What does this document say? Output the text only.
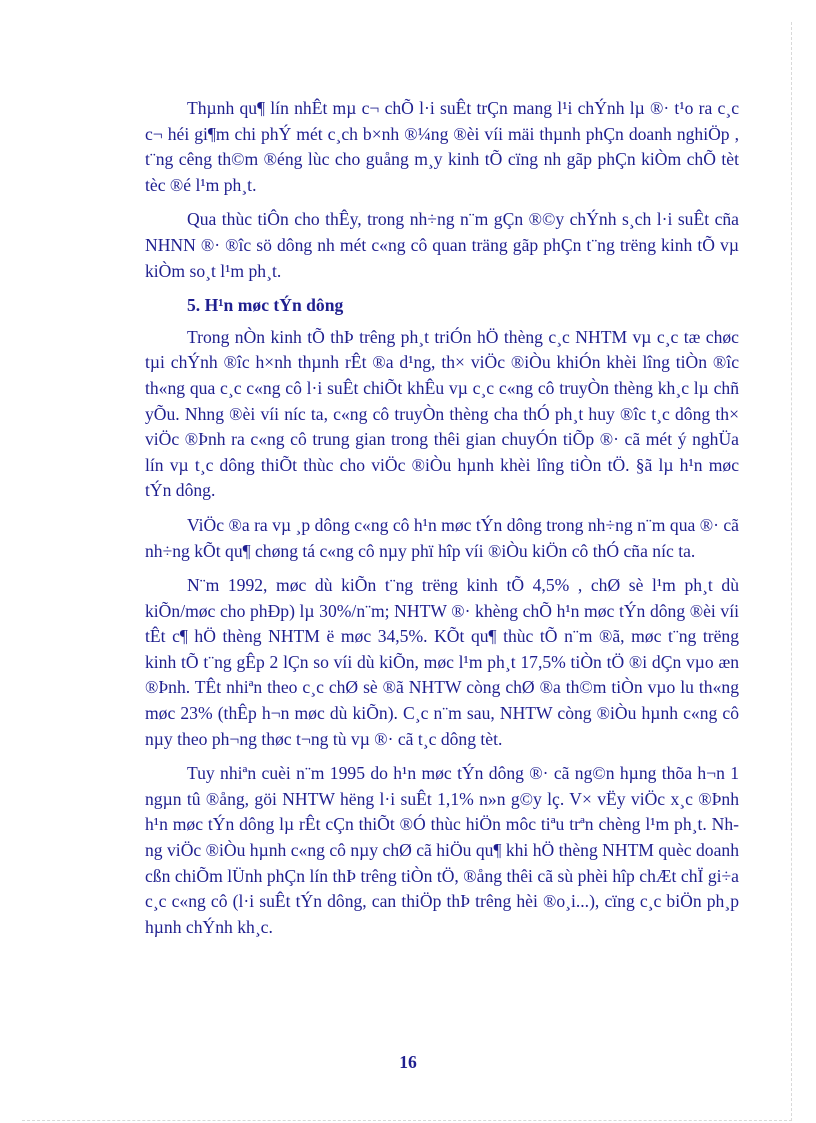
Thµnh qu¶ lín nhÊt mµ c¬ chÕ l·i suÊt trÇn mang l¹i chÝnh lµ ®· t¹o ra c¸c c¬ héi gi¶m chi phÝ mét c¸ch b×nh ®¼ng ®èi víi mäi thµnh phÇn doanh nghiÖp , t¨ng cêng th©m ®éng lùc cho guång m¸y kinh tÕ cïng nh gãp phÇn kiÒm chÕ tèt tèc ®é l¹m ph¸t.

Qua thùc tiÔn cho thÊy, trong nh÷ng n¨m gÇn ®©y chÝnh s¸ch l·i suÊt cña NHNN ®· ®îc sö dông nh mét c«ng cô quan träng gãp phÇn t¨ng trëng kinh tÕ vµ kiÒm so¸t l¹m ph¸t.

5. H¹n møc tÝn dông

Trong nÒn kinh tÕ thÞ trêng ph¸t triÓn hÖ thèng c¸c NHTM vµ c¸c tæ chøc tµi chÝnh ®îc h×nh thµnh rÊt ®a d¹ng, th× viÖc ®iÒu khiÓn khèi lîng tiÒn ®îc th«ng qua c¸c c«ng cô l·i suÊt chiÕt khÊu vµ c¸c c«ng cô truyÒn thèng kh¸c lµ chñ yÕu. Nhng ®èi víi níc ta, c«ng cô truyÒn thèng cha thÓ ph¸t huy ®îc t¸c dông th× viÖc ®Þnh ra c«ng cô trung gian trong thêi gian chuyÓn tiÕp ®· cã mét ý nghÜa lín vµ t¸c dông thiÕt thùc cho viÖc ®iÒu hµnh khèi lîng tiÒn tÖ. §ã lµ h¹n møc tÝn dông.

ViÖc ®a ra vµ ¸p dông c«ng cô h¹n møc tÝn dông trong nh÷ng n¨m qua ®· cã nh÷ng kÕt qu¶ chøng tá c«ng cô nµy phï hîp víi ®iÒu kiÖn cô thÓ cña níc ta.

N¨m 1992, møc dù kiÕn t¨ng trëng kinh tÕ 4,5% , chØ sè l¹m ph¸t dù kiÕn/møc cho phÐp) lµ 30%/n¨m; NHTW ®· khèng chÕ h¹n møc tÝn dông ®èi víi tÊt c¶ hÖ thèng NHTM ë møc 34,5%. KÕt qu¶ thùc tÕ n¨m ®ã, møc t¨ng trëng kinh tÕ t¨ng gÊp 2 lÇn so víi dù kiÕn, møc l¹m ph¸t 17,5% tiÒn tÖ ®i dÇn vµo æn ®Þnh. TÊt nhiªn theo c¸c chØ sè ®ã NHTW còng chØ ®a th©m tiÒn vµo lu th«ng møc 23% (thÊp h¬n møc dù kiÕn). C¸c n¨m sau, NHTW còng ®iÒu hµnh c«ng cô nµy theo ph¬ng thøc t¬ng tù vµ ®· cã t¸c dông tèt.

Tuy nhiªn cuèi n¨m 1995 do h¹n møc tÝn dông ®· cã ng©n hµng thõa h¬n 1 ngµn tû ®ång, göi NHTW hëng l·i suÊt 1,1% n»n g©y lç. V× vËy viÖc x¸c ®Þnh h¹n møc tÝn dông lµ rÊt cÇn thiÕt ®Ó thùc hiÖn môc tiªu trªn chèng l¹m ph¸t. Nhng viÖc ®iÒu hµnh c«ng cô nµy chØ cã hiÖu qu¶ khi hÖ thèng NHTM quèc doanh cßn chiÕm lÜnh phÇn lín thÞ trêng tiÒn tÖ, ®ång thêi cã sù phèi hîp chÆt chÏ gi÷a c¸c c«ng cô (l·i suÊt tÝn dông, can thiÖp thÞ trêng hèi ®o¸i...), cïng c¸c biÖn ph¸p hµnh chÝnh kh¸c.

16
